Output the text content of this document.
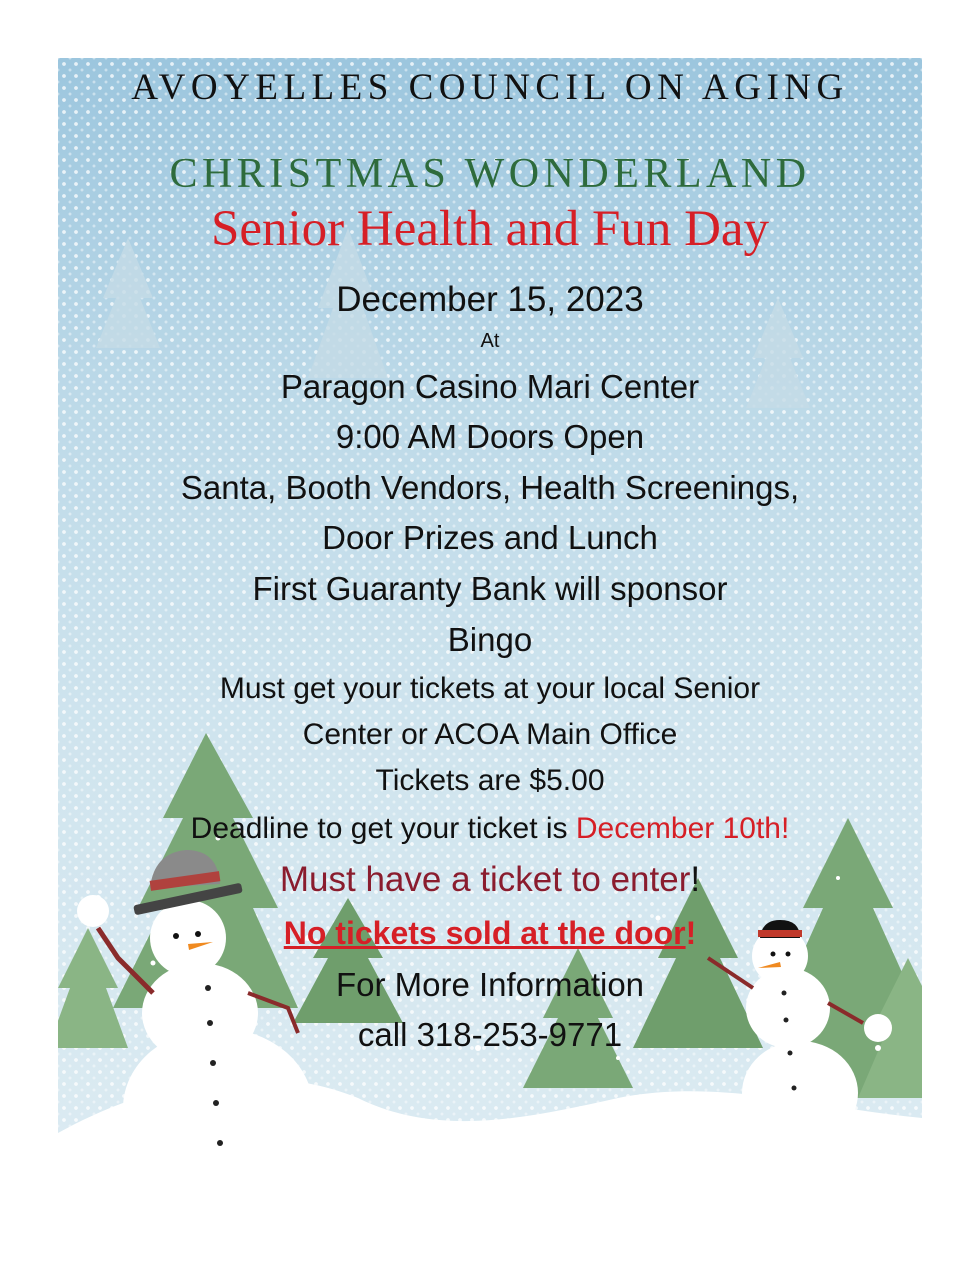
AVOYELLES COUNCIL ON AGING
CHRISTMAS WONDERLAND
Senior Health and Fun Day
December 15, 2023
At
Paragon Casino Mari Center
9:00 AM Doors Open
Santa, Booth Vendors, Health Screenings,
Door Prizes and Lunch
First Guaranty Bank will sponsor
Bingo
Must get your tickets at your local Senior
Center or ACOA Main Office
Tickets are $5.00
Deadline to get your ticket is December 10th!
Must have a ticket to enter!
No tickets sold at the door!
For More Information
call 318-253-9771
